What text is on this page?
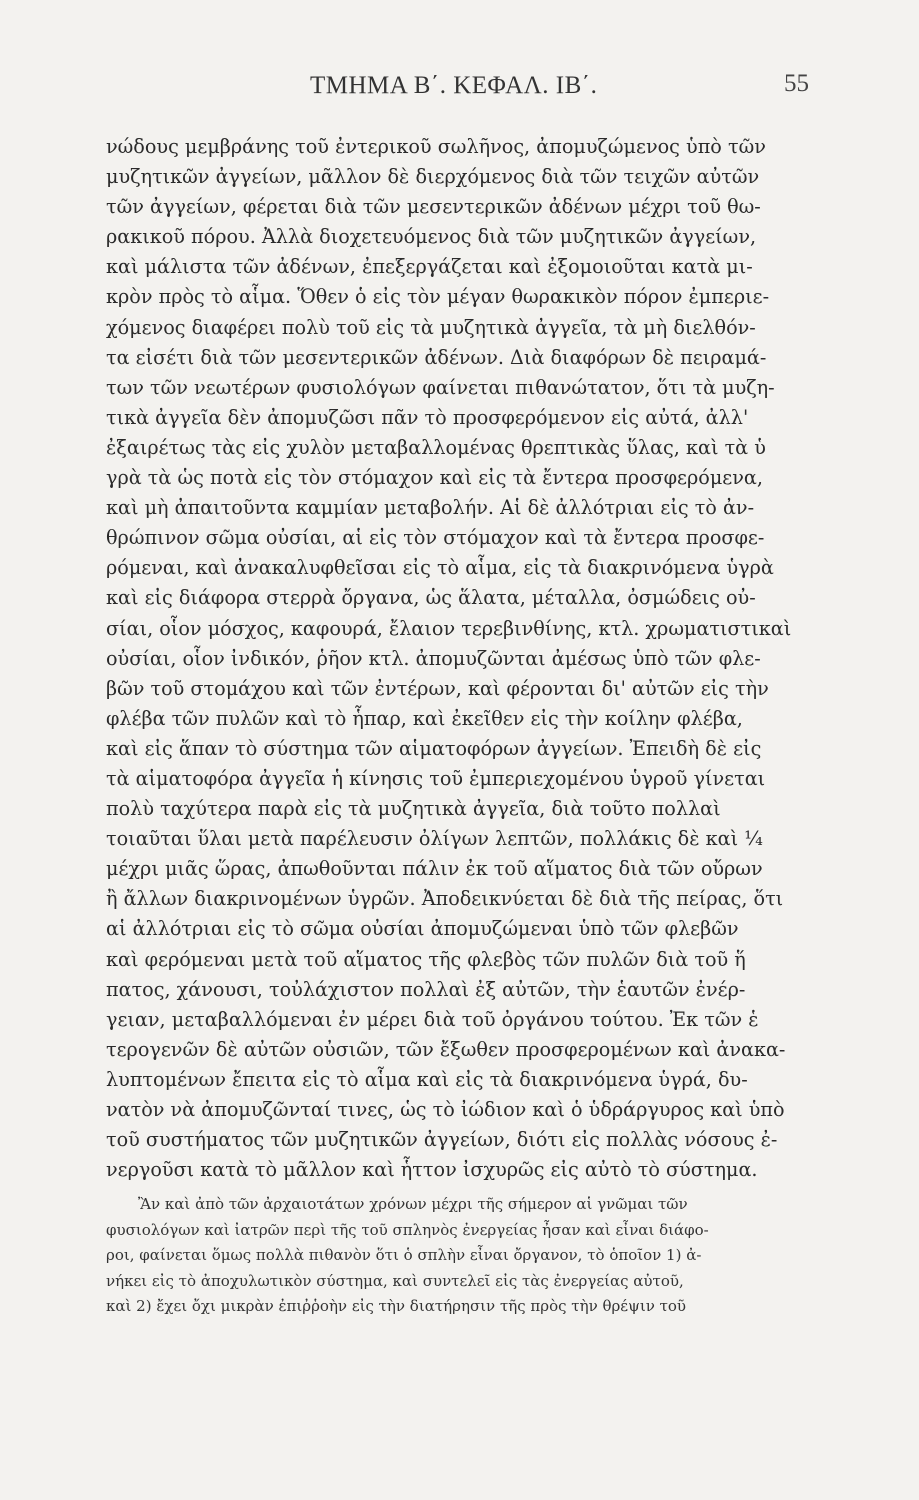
ΤΜΗΜΑ Β΄. ΚΕΦΑΛ. ΙΒ΄.	55
νώδους μεμβράνης τοῦ ἐντερικοῦ σωλῆνος, ἀπομυζώμενος ὑπὸ τῶν
μυζητικῶν ἀγγείων, μᾶλλον δὲ διερχόμενος διὰ τῶν τειχῶν αὐτῶν
τῶν ἀγγείων, φέρεται διὰ τῶν μεσεντερικῶν ἀδένων μέχρι τοῦ θω-
ρακικοῦ πόρου. Ἀλλὰ διοχετευόμενος διὰ τῶν μυζητικῶν ἀγγείων,
καὶ μάλιστα τῶν ἀδένων, ἐπεξεργάζεται καὶ ἐξομοιοῦται κατὰ μι-
κρὸν πρὸς τὸ αἷμα. Ὅθεν ὁ εἰς τὸν μέγαν θωρακικὸν πόρον ἐμπεριε-
χόμενος διαφέρει πολὺ τοῦ εἰς τὰ μυζητικὰ ἀγγεῖα, τὰ μὴ διελθόν-
τα εἰσέτι διὰ τῶν μεσεντερικῶν ἀδένων. Διὰ διαφόρων δὲ πειραμά-
των τῶν νεωτέρων φυσιολόγων φαίνεται πιθανώτατον, ὅτι τὰ μυζη-
τικὰ ἀγγεῖα δὲν ἀπομυζῶσι πᾶν τὸ προσφερόμενον εἰς αὐτά, ἀλλ'
ἐξαιρέτως τὰς εἰς χυλὸν μεταβαλλομένας θρεπτικὰς ὕλας, καὶ τὰ ὑ
γρὰ τὰ ὡς ποτὰ εἰς τὸν στόμαχον καὶ εἰς τὰ ἔντερα προσφερόμενα,
καὶ μὴ ἀπαιτοῦντα καμμίαν μεταβολήν. Αἱ δὲ ἀλλότριαι εἰς τὸ ἀν-
θρώπινον σῶμα οὐσίαι, αἱ εἰς τὸν στόμαχον καὶ τὰ ἔντερα προσφε-
ρόμεναι, καὶ ἀνακαλυφθεῖσαι εἰς τὸ αἷμα, εἰς τὰ διακρινόμενα ὑγρὰ
καὶ εἰς διάφορα στερρὰ ὄργανα, ὡς ἅλατα, μέταλλα, ὀσμώδεις οὐ-
σίαι, οἷον μόσχος, καφουρά, ἔλαιον τερεβινθίνης, κτλ. χρωματιστικαὶ
οὐσίαι, οἷον ἰνδικόν, ῥῆον κτλ. ἀπομυζῶνται ἀμέσως ὑπὸ τῶν φλε-
βῶν τοῦ στομάχου καὶ τῶν ἐντέρων, καὶ φέρονται δι' αὐτῶν εἰς τὴν
φλέβα τῶν πυλῶν καὶ τὸ ἧπαρ, καὶ ἐκεῖθεν εἰς τὴν κοίλην φλέβα,
καὶ εἰς ἅπαν τὸ σύστημα τῶν αἱματοφόρων ἀγγείων. Ἐπειδὴ δὲ εἰς
τὰ αἱματοφόρα ἀγγεῖα ἡ κίνησις τοῦ ἐμπεριεχομένου ὑγροῦ γίνεται
πολὺ ταχύτερα παρὰ εἰς τὰ μυζητικὰ ἀγγεῖα, διὰ τοῦτο πολλαὶ
τοιαῦται ὕλαι μετὰ παρέλευσιν ὀλίγων λεπτῶν, πολλάκις δὲ καὶ ¼
μέχρι μιᾶς ὥρας, ἀπωθοῦνται πάλιν ἐκ τοῦ αἵματος διὰ τῶν οὔρων
ἢ ἄλλων διακρινομένων ὑγρῶν. Ἀποδεικνύεται δὲ διὰ τῆς πείρας, ὅτι
αἱ ἀλλότριαι εἰς τὸ σῶμα οὐσίαι ἀπομυζώμεναι ὑπὸ τῶν φλεβῶν
καὶ φερόμεναι μετὰ τοῦ αἵματος τῆς φλεβὸς τῶν πυλῶν διὰ τοῦ ἥ
πατος, χάνουσι, τοὐλάχιστον πολλαὶ ἐξ αὐτῶν, τὴν ἑαυτῶν ἐνέρ-
γειαν, μεταβαλλόμεναι ἐν μέρει διὰ τοῦ ὀργάνου τούτου. Ἐκ τῶν ἑ
τερογενῶν δὲ αὐτῶν οὐσιῶν, τῶν ἔξωθεν προσφερομένων καὶ ἀνακα-
λυπτομένων ἔπειτα εἰς τὸ αἷμα καὶ εἰς τὰ διακρινόμενα ὑγρά, δυ-
νατὸν νὰ ἀπομυζῶνταί τινες, ὡς τὸ ἰώδιον καὶ ὁ ὑδράργυρος καὶ ὑπὸ
τοῦ συστήματος τῶν μυζητικῶν ἀγγείων, διότι εἰς πολλὰς νόσους ἐ-
νεργοῦσι κατὰ τὸ μᾶλλον καὶ ἧττον ἰσχυρῶς εἰς αὐτὸ τὸ σύστημα.
Ἂν καὶ ἀπὸ τῶν ἀρχαιοτάτων χρόνων μέχρι τῆς σήμερον αἱ γνῶμαι τῶν
φυσιολόγων καὶ ἰατρῶν περὶ τῆς τοῦ σπληνὸς ἐνεργείας ἦσαν καὶ εἶναι διάφο-
ροι, φαίνεται ὅμως πολλὰ πιθανὸν ὅτι ὁ σπλὴν εἶναι ὄργανον, τὸ ὁποῖον 1) ἀ-
νήκει εἰς τὸ ἀποχυλωτικὸν σύστημα, καὶ συντελεῖ εἰς τὰς ἐνεργείας αὐτοῦ,
καὶ 2) ἔχει ὄχι μικρὰν ἐπιῤῥοὴν εἰς τὴν διατήρησιν τῆς πρὸς τὴν θρέψιν τοῦ
